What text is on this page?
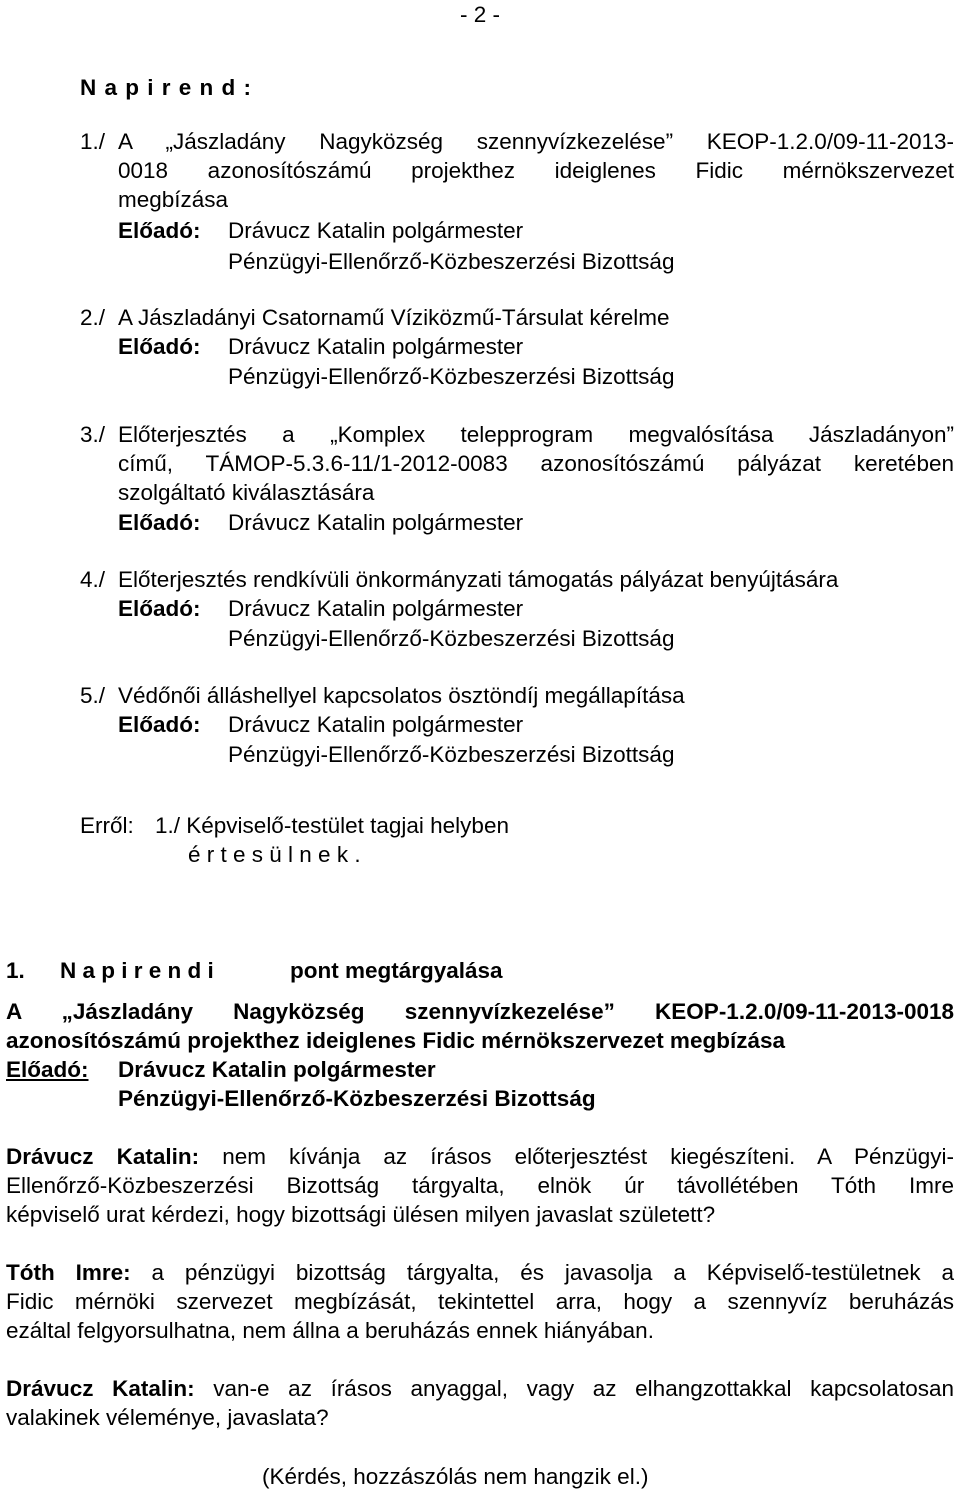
- 2 -
N a p i r e n d :
1./ A „Jászladány Nagyközség szennyvízkezelése” KEOP-1.2.0/09-11-2013-
0018 azonosítószámú projekthez ideiglenes Fidic mérnökszervezet
megbízása
Előadó: Drávucz Katalin polgármester
Pénzügyi-Ellenőrző-Közbeszerzési Bizottság
2./ A Jászladányi Csatornamű Víziközmű-Társulat kérelme
Előadó: Drávucz Katalin polgármester
Pénzügyi-Ellenőrző-Közbeszerzési Bizottság
3./ Előterjesztés a „Komplex telepprogram megvalósítása Jászladányon”
című, TÁMOP-5.3.6-11/1-2012-0083 azonosítószámú pályázat keretében
szolgáltató kiválasztására
Előadó: Drávucz Katalin polgármester
4./ Előterjesztés rendkívüli önkormányzati támogatás pályázat benyújtására
Előadó: Drávucz Katalin polgármester
Pénzügyi-Ellenőrző-Közbeszerzési Bizottság
5./ Védőnői álláshellyel kapcsolatos ösztöndíj megállapítása
Előadó: Drávucz Katalin polgármester
Pénzügyi-Ellenőrző-Közbeszerzési Bizottság
Erről: 1./ Képviselő-testület tagjai helyben
é r t e s ü l n e k .
1. N a p i r e n d i	pont megtárgyalása
A „Jászladány Nagyközség szennyvízkezelése” KEOP-1.2.0/09-11-2013-0018
azonosítószámú projekthez ideiglenes Fidic mérnökszervezet megbízása
Előadó: Drávucz Katalin polgármester
Pénzügyi-Ellenőrző-Közbeszerzési Bizottság
Drávucz Katalin: nem kívánja az írásos előterjesztést kiegészíteni. A Pénzügyi-
Ellenőrző-Közbeszerzési Bizottság tárgyalta, elnök úr távollétében Tóth Imre
képviselő urat kérdezi, hogy bizottsági ülésen milyen javaslat született?
Tóth Imre: a pénzügyi bizottság tárgyalta, és javasolja a Képviselő-testületnek a
Fidic mérnöki szervezet megbízását, tekintettel arra, hogy a szennyvíz beruházás
ezáltal felgyorsulhatna, nem állna a beruházás ennek hiányában.
Drávucz Katalin: van-e az írásos anyaggal, vagy az elhangzottakkal kapcsolatosan
valakinek véleménye, javaslata?
(Kérdés, hozzászólás nem hangzik el.)
